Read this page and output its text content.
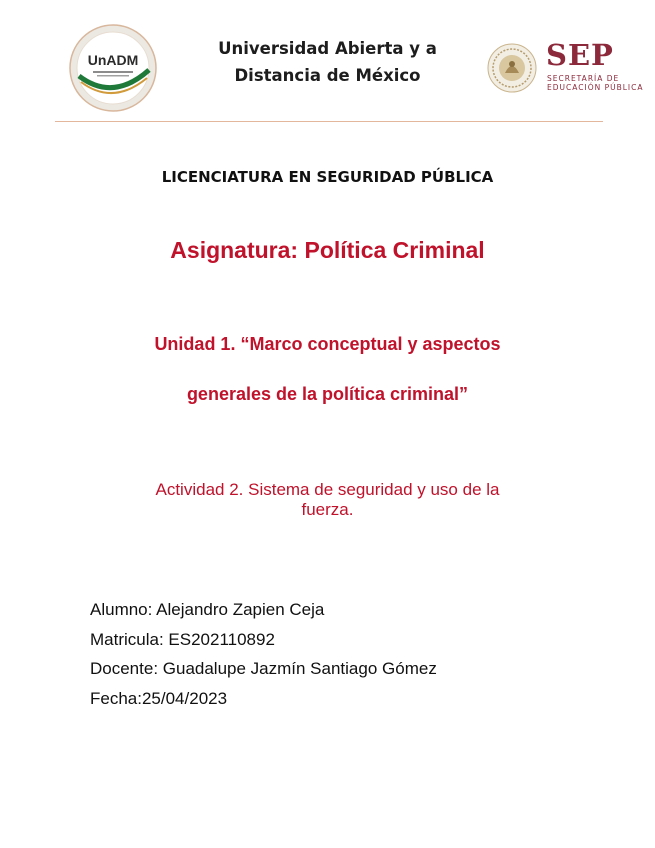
UnADM
Universidad Abierta y a
Distancia de México
SEP
SECRETARÍA DE
EDUCACIÓN PÚBLICA
LICENCIATURA EN SEGURIDAD PÚBLICA
Asignatura: Política Criminal
Unidad 1. “Marco conceptual y aspectos
generales de la política criminal”
Actividad 2. Sistema de seguridad y uso de la
fuerza.
Alumno: Alejandro Zapien Ceja
Matricula: ES202110892
Docente: Guadalupe Jazmín Santiago Gómez
Fecha:25/04/2023
